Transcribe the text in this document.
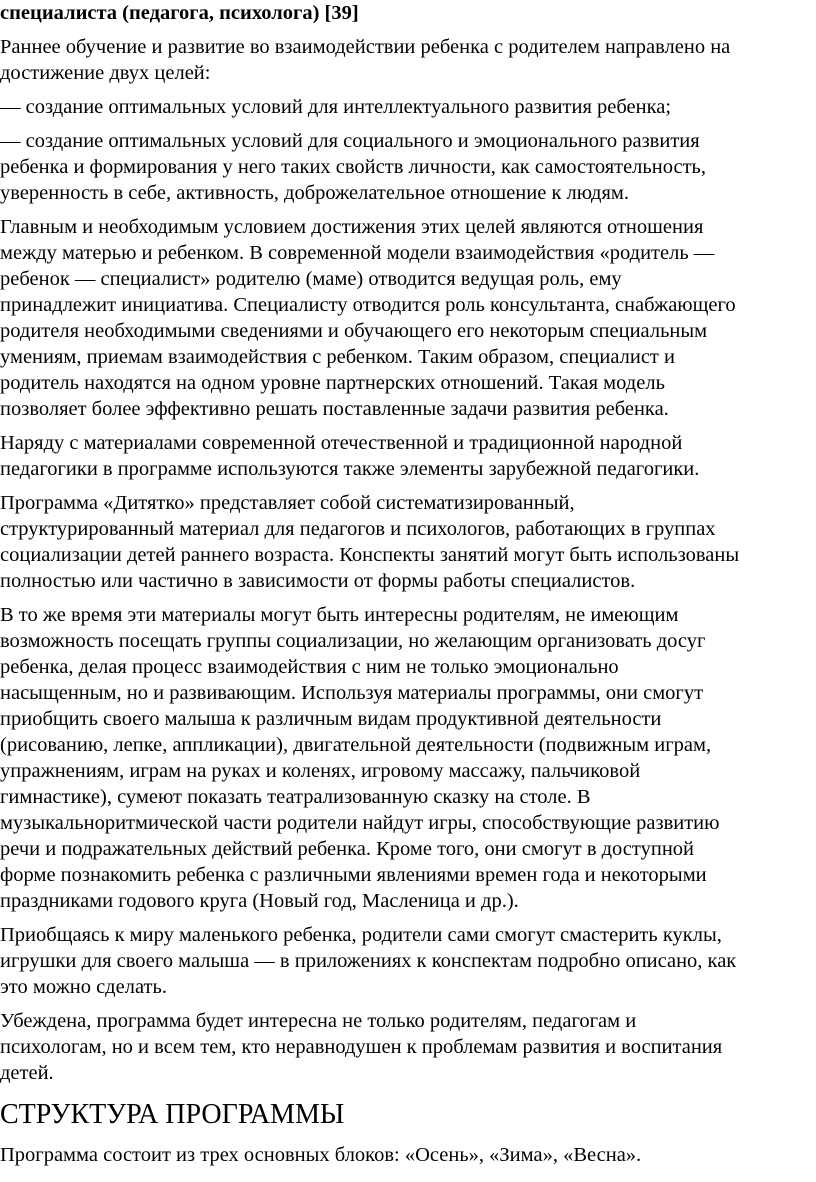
специалиста (педагога, психолога) [39]

Раннее обучение и развитие во взаимодействии ребенка с родителем направлено на
достижение двух целей:

— создание оптимальных условий для интеллектуального развития ребенка;

— создание оптимальных условий для социального и эмоционального развития
ребенка и формирования у него таких свойств личности, как самостоятельность,
уверенность в себе, активность, доброжелательное отношение к людям.

Главным и необходимым условием достижения этих целей являются отношения
между матерью и ребенком. В современной модели взаимодействия «родитель —
ребенок — специалист» родителю (маме) отводится ведущая роль, ему
принадлежит инициатива. Специалисту отводится роль консультанта, снабжающего
родителя необходимыми сведениями и обучающего его некоторым специальным
умениям, приемам взаимодействия с ребенком. Таким образом, специалист и
родитель находятся на одном уровне партнерских отношений. Такая модель
позволяет более эффективно решать поставленные задачи развития ребенка.

Наряду с материалами современной отечественной и традиционной народной
педагогики в программе используются также элементы зарубежной педагогики.

Программа «Дитятко» представляет собой систематизированный,
структурированный материал для педагогов и психологов, работающих в группах
социализации детей раннего возраста. Конспекты занятий могут быть использованы
полностью или частично в зависимости от формы работы специалистов.

В то же время эти материалы могут быть интересны родителям, не имеющим
возможность посещать группы социализации, но желающим организовать досуг
ребенка, делая процесс взаимодействия с ним не только эмоционально
насыщенным, но и развивающим. Используя материалы программы, они смогут
приобщить своего малыша к различным видам продуктивной деятельности
(рисованию, лепке, аппликации), двигательной деятельности (подвижным играм,
упражнениям, играм на руках и коленях, игровому массажу, пальчиковой
гимнастике), сумеют показать театрализованную сказку на столе. В
музыкальноритмической части родители найдут игры, способствующие развитию
речи и подражательных действий ребенка. Кроме того, они смогут в доступной
форме познакомить ребенка с различными явлениями времен года и некоторыми
праздниками годового круга (Новый год, Масленица и др.).

Приобщаясь к миру маленького ребенка, родители сами смогут смастерить куклы,
игрушки для своего малыша — в приложениях к конспектам подробно описано, как
это можно сделать.

Убеждена, программа будет интересна не только родителям, педагогам и
психологам, но и всем тем, кто неравнодушен к проблемам развития и воспитания
детей.

СТРУКТУРА ПРОГРАММЫ

Программа состоит из трех основных блоков: «Осень», «Зима», «Весна».
